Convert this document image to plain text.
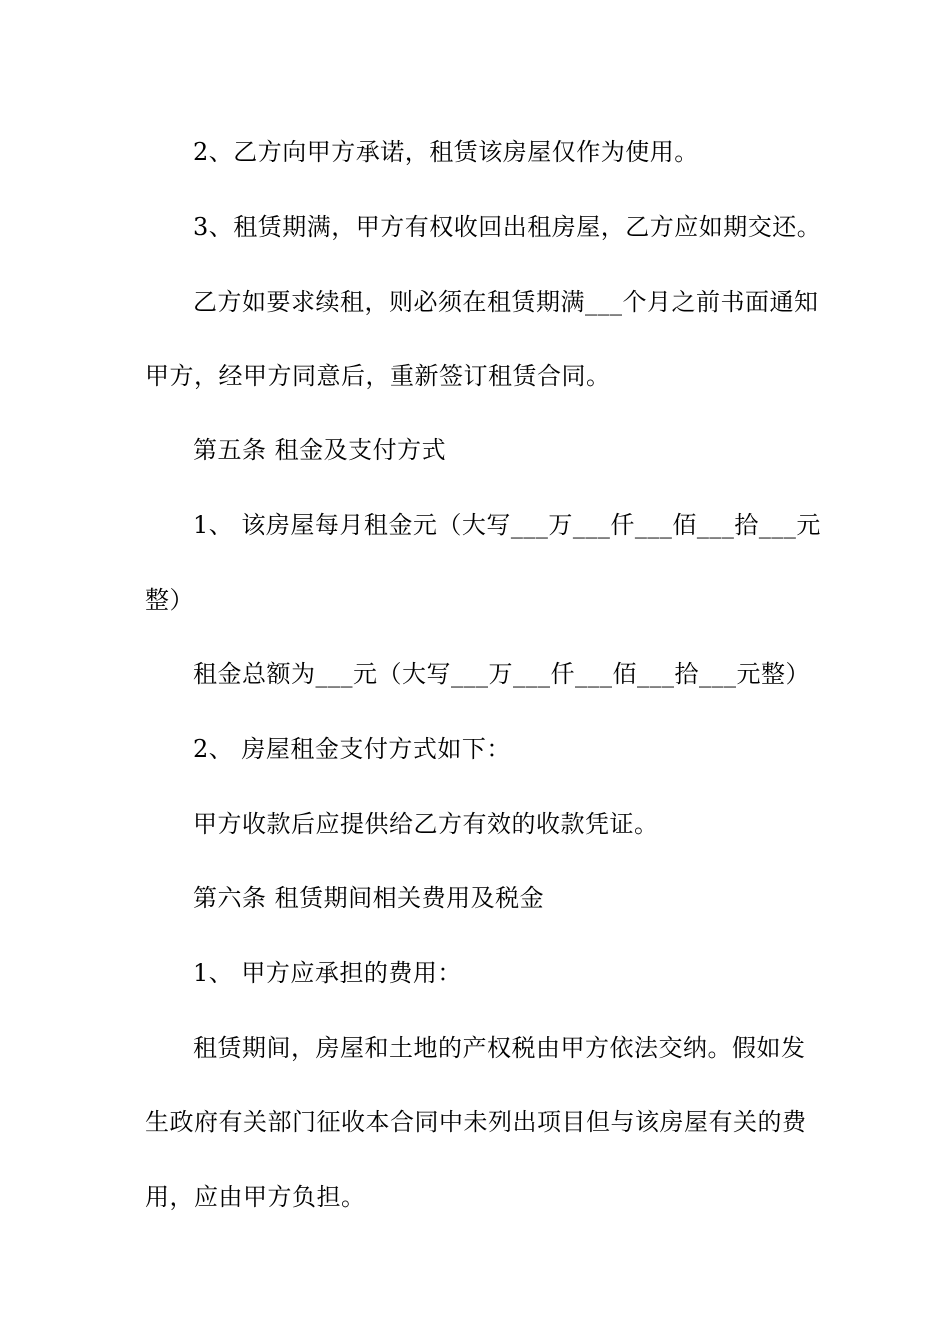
2、乙方向甲方承诺，租赁该房屋仅作为使用。
3、租赁期满，甲方有权收回出租房屋，乙方应如期交还。
乙方如要求续租，则必须在租赁期满___个月之前书面通知
甲方，经甲方同意后，重新签订租赁合同。
第五条 租金及支付方式
1、 该房屋每月租金元（大写___万___仟___佰___拾___元
整）
租金总额为___元（大写___万___仟___佰___拾___元整）
2、 房屋租金支付方式如下：
甲方收款后应提供给乙方有效的收款凭证。
第六条 租赁期间相关费用及税金
1、 甲方应承担的费用：
租赁期间，房屋和土地的产权税由甲方依法交纳。假如发
生政府有关部门征收本合同中未列出项目但与该房屋有关的费
用，应由甲方负担。
